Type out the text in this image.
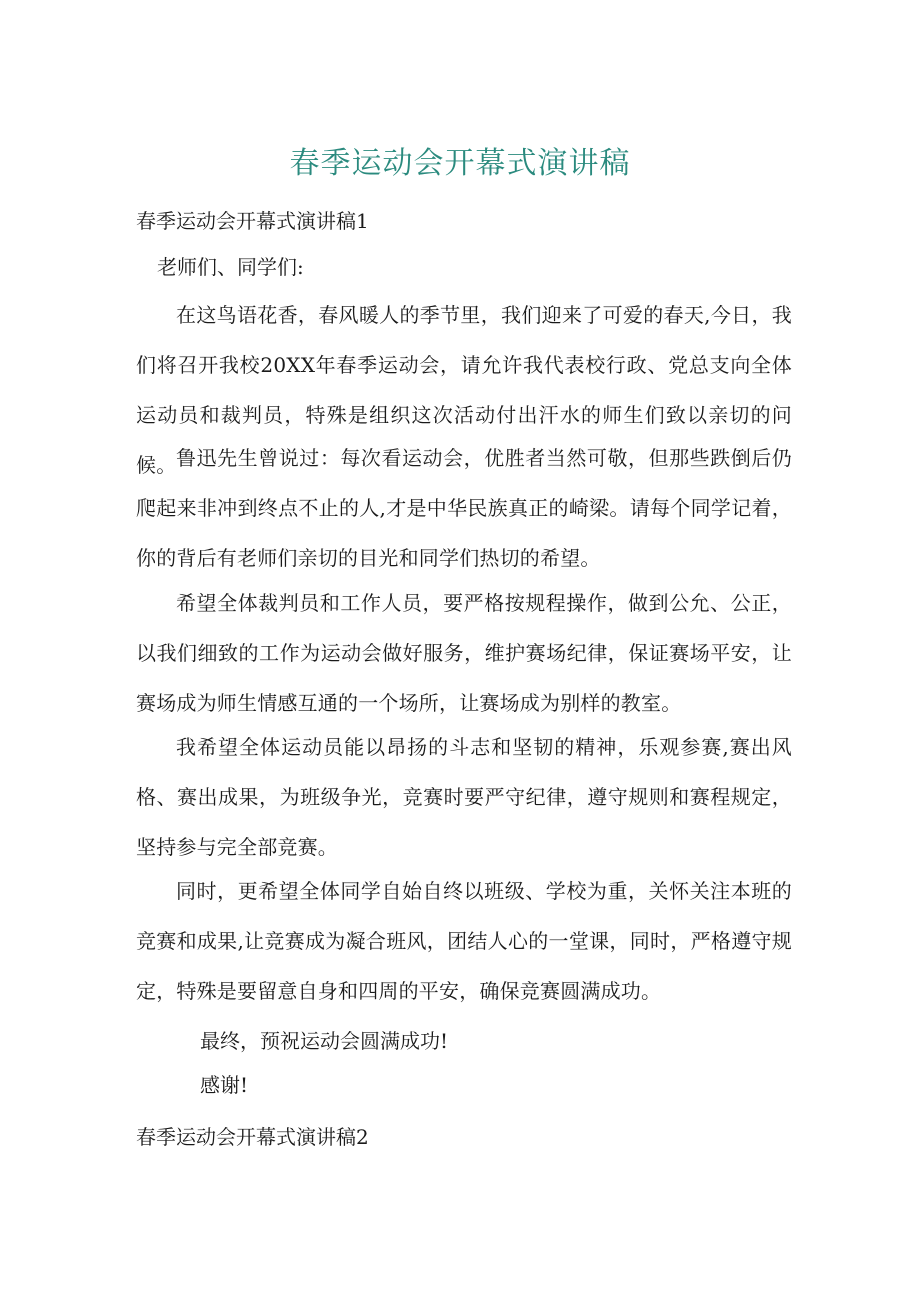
春季运动会开幕式演讲稿
春季运动会开幕式演讲稿1

老师们、同学们:

在这鸟语花香，春风暖人的季节里，我们迎来了可爱的春天,今日，我们将召开我校20XX年春季运动会，请允许我代表校行政、党总支向全体运动员和裁判员，特殊是组织这次活动付出汗水的师生们致以亲切的问候。 鲁迅先生曾说过：每次看运动会，优胜者当然可敬，但那些跌倒后仍爬起来非冲到终点不止的人,才是中华民族真正的崎梁。请每个同学记着，你的背后有老师们亲切的目光和同学们热切的希望。

希望全体裁判员和工作人员，要严格按规程操作，做到公允、公正，以我们细致的工作为运动会做好服务，维护赛场纪律，保证赛场平安，让赛场成为师生情感互通的一个场所，让赛场成为别样的教室。

我希望全体运动员能以昂扬的斗志和坚韧的精神，乐观参赛,赛出风格、赛出成果，为班级争光，竞赛时要严守纪律，遵守规则和赛程规定，坚持参与完全部竞赛。

同时，更希望全体同学自始自终以班级、学校为重，关怀关注本班的竞赛和成果,让竞赛成为凝合班风，团结人心的一堂课，同时，严格遵守规定，特殊是要留意自身和四周的平安，确保竞赛圆满成功。

最终，预祝运动会圆满成功!

感谢!

春季运动会开幕式演讲稿2
